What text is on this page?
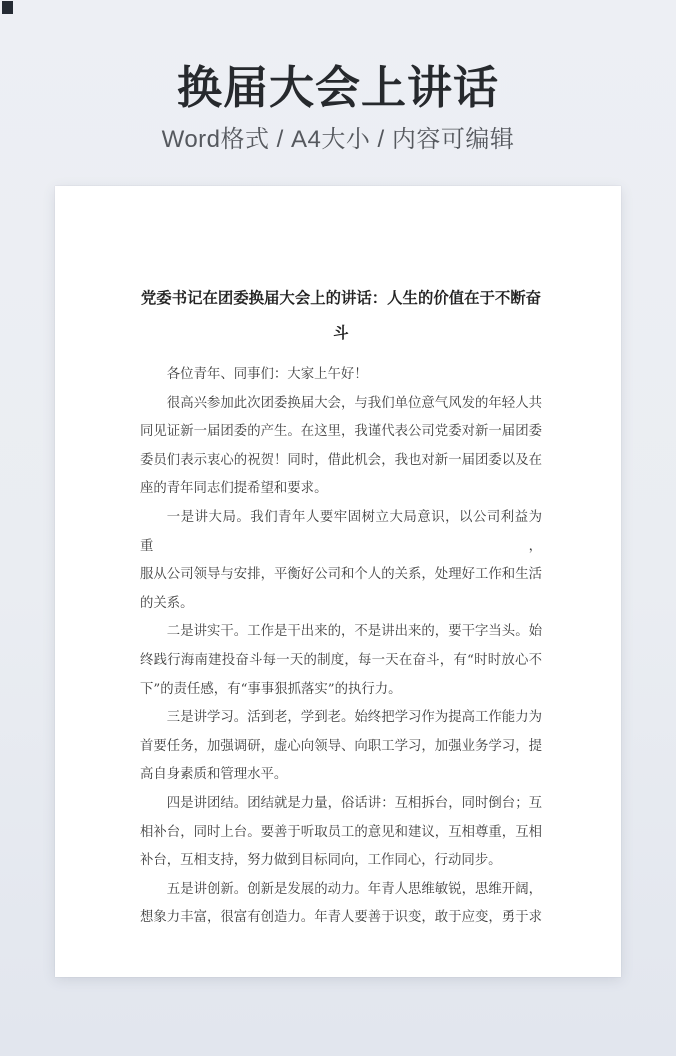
换届大会上讲话
Word格式 / A4大小 / 内容可编辑
党委书记在团委换届大会上的讲话：人生的价值在于不断奋
斗
各位青年、同事们：大家上午好！
很高兴参加此次团委换届大会，与我们单位意气风发的年轻人共
同见证新一届团委的产生。在这里，我谨代表公司党委对新一届团委
委员们表示衷心的祝贺！同时，借此机会，我也对新一届团委以及在
座的青年同志们提希望和要求。
一是讲大局。我们青年人要牢固树立大局意识，以公司利益为重，
服从公司领导与安排，平衡好公司和个人的关系，处理好工作和生活
的关系。
二是讲实干。工作是干出来的，不是讲出来的，要干字当头。始
终践行海南建投奋斗每一天的制度，每一天在奋斗，有“时时放心不
下”的责任感，有“事事狠抓落实”的执行力。
三是讲学习。活到老，学到老。始终把学习作为提高工作能力为
首要任务，加强调研，虚心向领导、向职工学习，加强业务学习，提
高自身素质和管理水平。
四是讲团结。团结就是力量，俗话讲：互相拆台，同时倒台；互
相补台，同时上台。要善于听取员工的意见和建议，互相尊重，互相
补台，互相支持，努力做到目标同向，工作同心，行动同步。
五是讲创新。创新是发展的动力。年青人思维敏锐，思维开阔，
想象力丰富，很富有创造力。年青人要善于识变，敢于应变，勇于求
